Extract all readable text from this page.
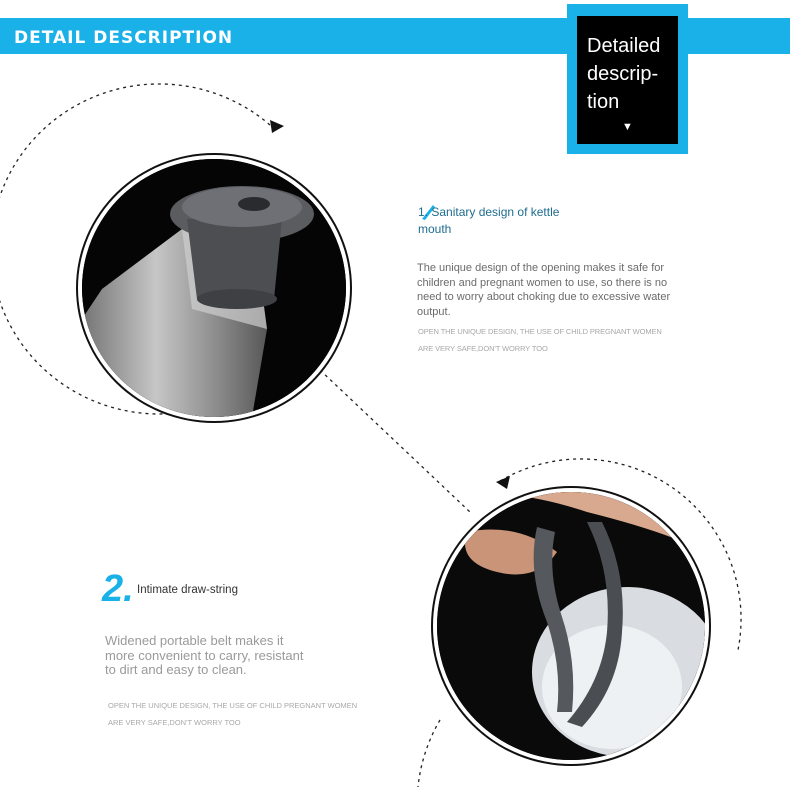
DETAIL DESCRIPTION	Detailed
descrip-
tion
▼
1. Sanitary design of kettle mouth
The unique design of the opening makes it safe for children and pregnant women to use, so there is no need to worry about choking due to excessive water output.
OPEN THE UNIQUE DESIGN, THE USE OF CHILD PREGNANT WOMEN ARE VERY SAFE,DON'T WORRY TOO
2. Intimate draw-string
Widened portable belt makes it more convenient to carry, resistant to dirt and easy to clean.
OPEN THE UNIQUE DESIGN, THE USE OF CHILD PREGNANT WOMEN ARE VERY SAFE,DON'T WORRY TOO
